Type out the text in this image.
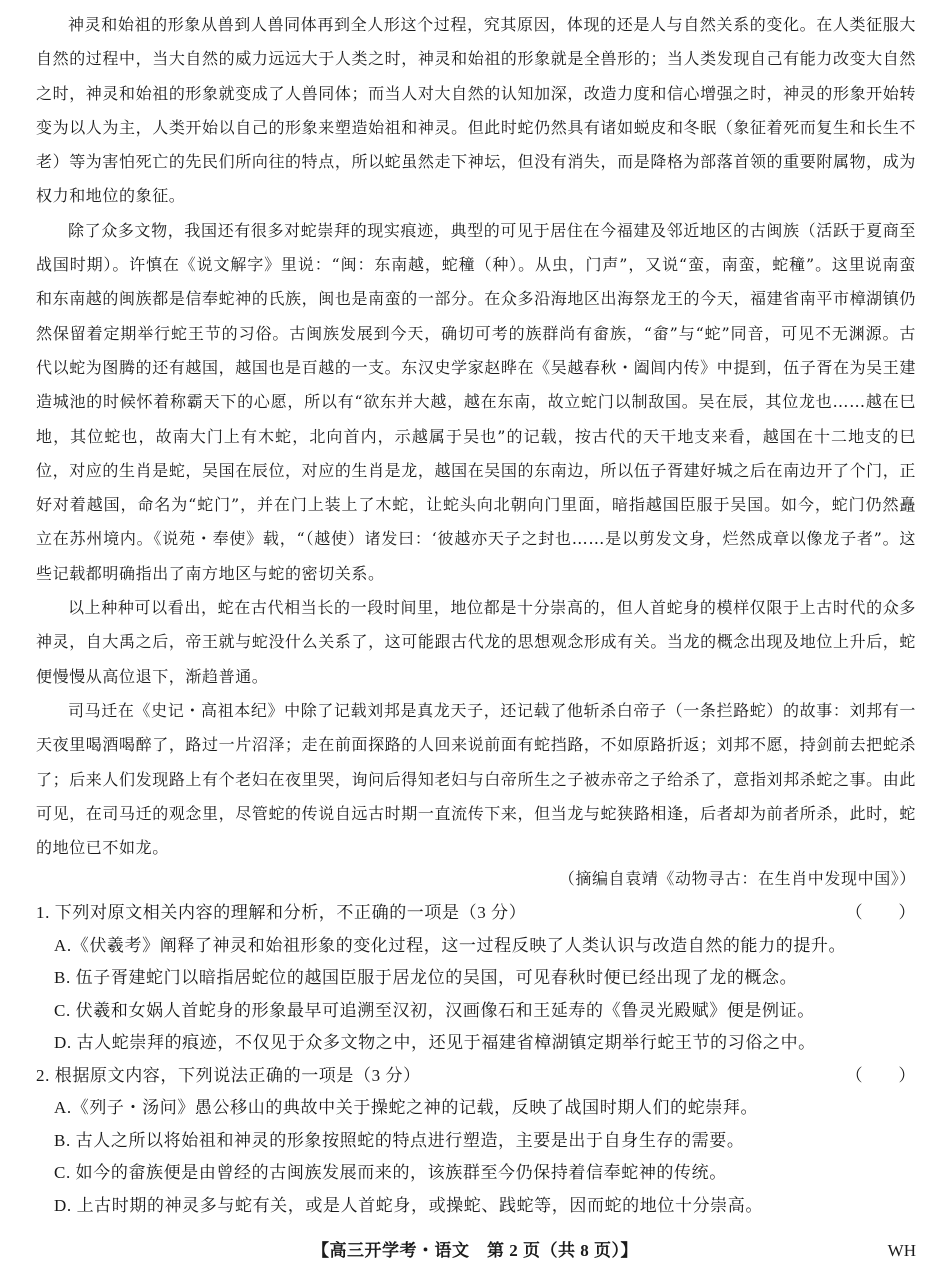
神灵和始祖的形象从兽到人兽同体再到全人形这个过程，究其原因，体现的还是人与自然关系的变化。在人类征服大自然的过程中，当大自然的威力远远大于人类之时，神灵和始祖的形象就是全兽形的；当人类发现自己有能力改变大自然之时，神灵和始祖的形象就变成了人兽同体；而当人对大自然的认知加深，改造力度和信心增强之时，神灵的形象开始转变为以人为主，人类开始以自己的形象来塑造始祖和神灵。但此时蛇仍然具有诸如蜕皮和冬眠（象征着死而复生和长生不老）等为害怕死亡的先民们所向往的特点，所以蛇虽然走下神坛，但没有消失，而是降格为部落首领的重要附属物，成为权力和地位的象征。

除了众多文物，我国还有很多对蛇崇拜的现实痕迹，典型的可见于居住在今福建及邻近地区的古闽族（活跃于夏商至战国时期）。许慎在《说文解字》里说：“闽：东南越，蛇穜（种）。从虫，门声”，又说“蛮，南蛮，蛇穜”。这里说南蛮和东南越的闽族都是信奉蛇神的氏族，闽也是南蛮的一部分。在众多沿海地区出海祭龙王的今天，福建省南平市樟湖镇仍然保留着定期举行蛇王节的习俗。古闽族发展到今天，确切可考的族群尚有畲族，“畲”与“蛇”同音，可见不无渊源。古代以蛇为图腾的还有越国，越国也是百越的一支。东汉史学家赵晔在《吴越春秋・阖闾内传》中提到，伍子胥在为吴王建造城池的时候怀着称霸天下的心愿，所以有“欲东并大越，越在东南，故立蛇门以制敌国。吴在辰，其位龙也……越在巳地，其位蛇也，故南大门上有木蛇，北向首内，示越属于吴也”的记载，按古代的天干地支来看，越国在十二地支的巳位，对应的生肖是蛇，吴国在辰位，对应的生肖是龙，越国在吴国的东南边，所以伍子胥建好城之后在南边开了个门，正好对着越国，命名为“蛇门”，并在门上装上了木蛇，让蛇头向北朝向门里面，暗指越国臣服于吴国。如今，蛇门仍然矗立在苏州境内。《说苑・奉使》载，“（越使）诸发曰：‘彼越亦天子之封也……是以剪发文身，烂然成章以像龙子者”。这些记载都明确指出了南方地区与蛇的密切关系。

以上种种可以看出，蛇在古代相当长的一段时间里，地位都是十分崇高的，但人首蛇身的模样仅限于上古时代的众多神灵，自大禹之后，帝王就与蛇没什么关系了，这可能跟古代龙的思想观念形成有关。当龙的概念出现及地位上升后，蛇便慢慢从高位退下，渐趋普通。

司马迁在《史记・高祖本纪》中除了记载刘邦是真龙天子，还记载了他斩杀白帝子（一条拦路蛇）的故事：刘邦有一天夜里喝酒喝醉了，路过一片沼泽；走在前面探路的人回来说前面有蛇挡路，不如原路折返；刘邦不愿，持剑前去把蛇杀了；后来人们发现路上有个老妇在夜里哭，询问后得知老妇与白帝所生之子被赤帝之子给杀了，意指刘邦杀蛇之事。由此可见，在司马迁的观念里，尽管蛇的传说自远古时期一直流传下来，但当龙与蛇狭路相逢，后者却为前者所杀，此时，蛇的地位已不如龙。

（摘编自袁靖《动物寻古：在生肖中发现中国》）
1. 下列对原文相关内容的理解和分析，不正确的一项是（3 分）	（　　）
A.《伏羲考》阐释了神灵和始祖形象的变化过程，这一过程反映了人类认识与改造自然的能力的提升。
B. 伍子胥建蛇门以暗指居蛇位的越国臣服于居龙位的吴国，可见春秋时便已经出现了龙的概念。
C. 伏羲和女娲人首蛇身的形象最早可追溯至汉初，汉画像石和王延寿的《鲁灵光殿赋》便是例证。
D. 古人蛇崇拜的痕迹，不仅见于众多文物之中，还见于福建省樟湖镇定期举行蛇王节的习俗之中。
2. 根据原文内容，下列说法正确的一项是（3 分）	（　　）
A.《列子・汤问》愚公移山的典故中关于操蛇之神的记载，反映了战国时期人们的蛇崇拜。
B. 古人之所以将始祖和神灵的形象按照蛇的特点进行塑造，主要是出于自身生存的需要。
C. 如今的畲族便是由曾经的古闽族发展而来的，该族群至今仍保持着信奉蛇神的传统。
D. 上古时期的神灵多与蛇有关，或是人首蛇身，或操蛇、践蛇等，因而蛇的地位十分崇高。
【高三开学考・语文　第 2 页（共 8 页）】	WH
